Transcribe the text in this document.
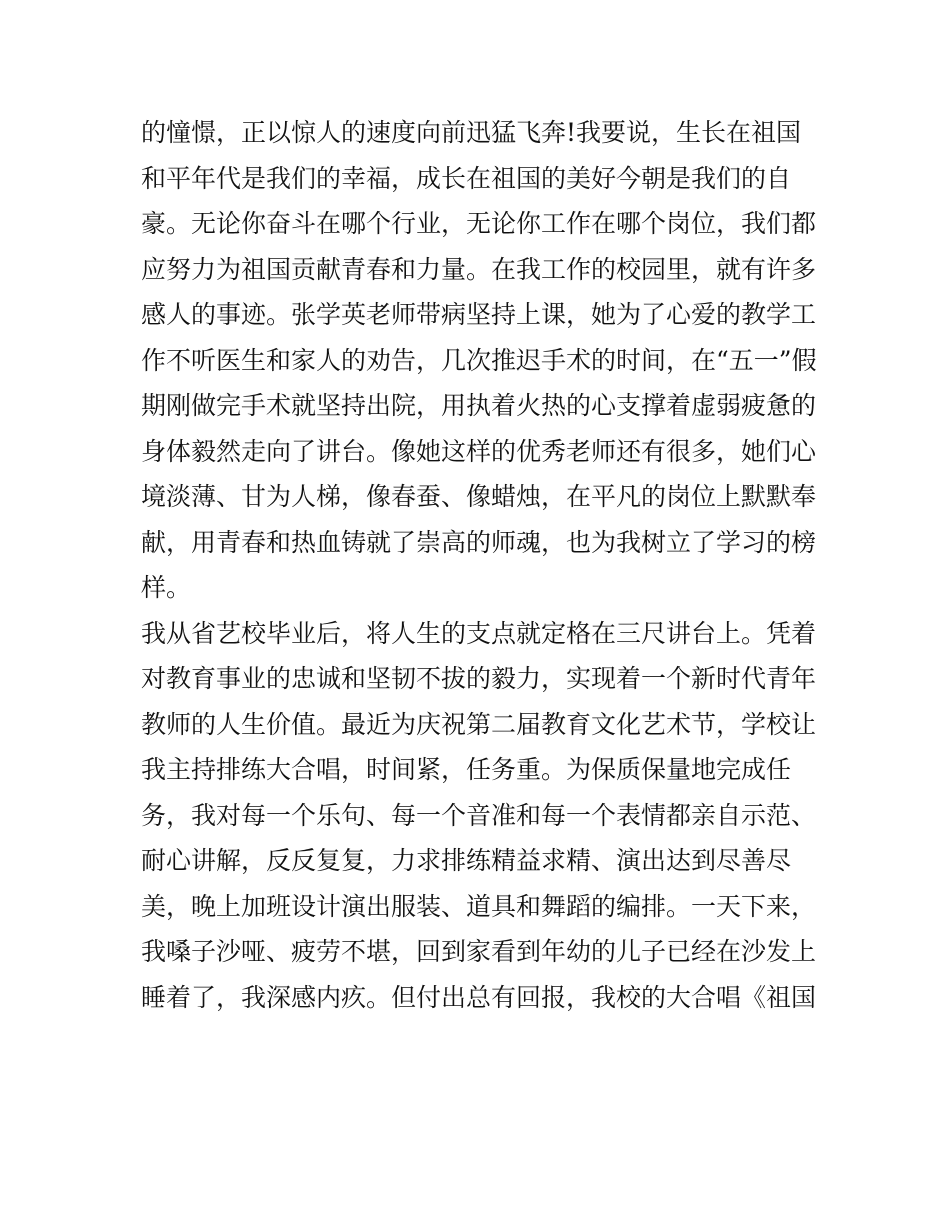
的憧憬，正以惊人的速度向前迅猛飞奔!我要说，生长在祖国
和平年代是我们的幸福，成长在祖国的美好今朝是我们的自
豪。无论你奋斗在哪个行业，无论你工作在哪个岗位，我们都
应努力为祖国贡献青春和力量。在我工作的校园里，就有许多
感人的事迹。张学英老师带病坚持上课，她为了心爱的教学工
作不听医生和家人的劝告，几次推迟手术的时间，在“五一”假
期刚做完手术就坚持出院，用执着火热的心支撑着虚弱疲惫的
身体毅然走向了讲台。像她这样的优秀老师还有很多，她们心
境淡薄、甘为人梯，像春蚕、像蜡烛，在平凡的岗位上默默奉
献，用青春和热血铸就了崇高的师魂，也为我树立了学习的榜
样。
我从省艺校毕业后，将人生的支点就定格在三尺讲台上。凭着
对教育事业的忠诚和坚韧不拔的毅力，实现着一个新时代青年
教师的人生价值。最近为庆祝第二届教育文化艺术节，学校让
我主持排练大合唱，时间紧，任务重。为保质保量地完成任
务，我对每一个乐句、每一个音准和每一个表情都亲自示范、
耐心讲解，反反复复，力求排练精益求精、演出达到尽善尽
美，晚上加班设计演出服装、道具和舞蹈的编排。一天下来，
我嗓子沙哑、疲劳不堪，回到家看到年幼的儿子已经在沙发上
睡着了，我深感内疚。但付出总有回报，我校的大合唱《祖国
